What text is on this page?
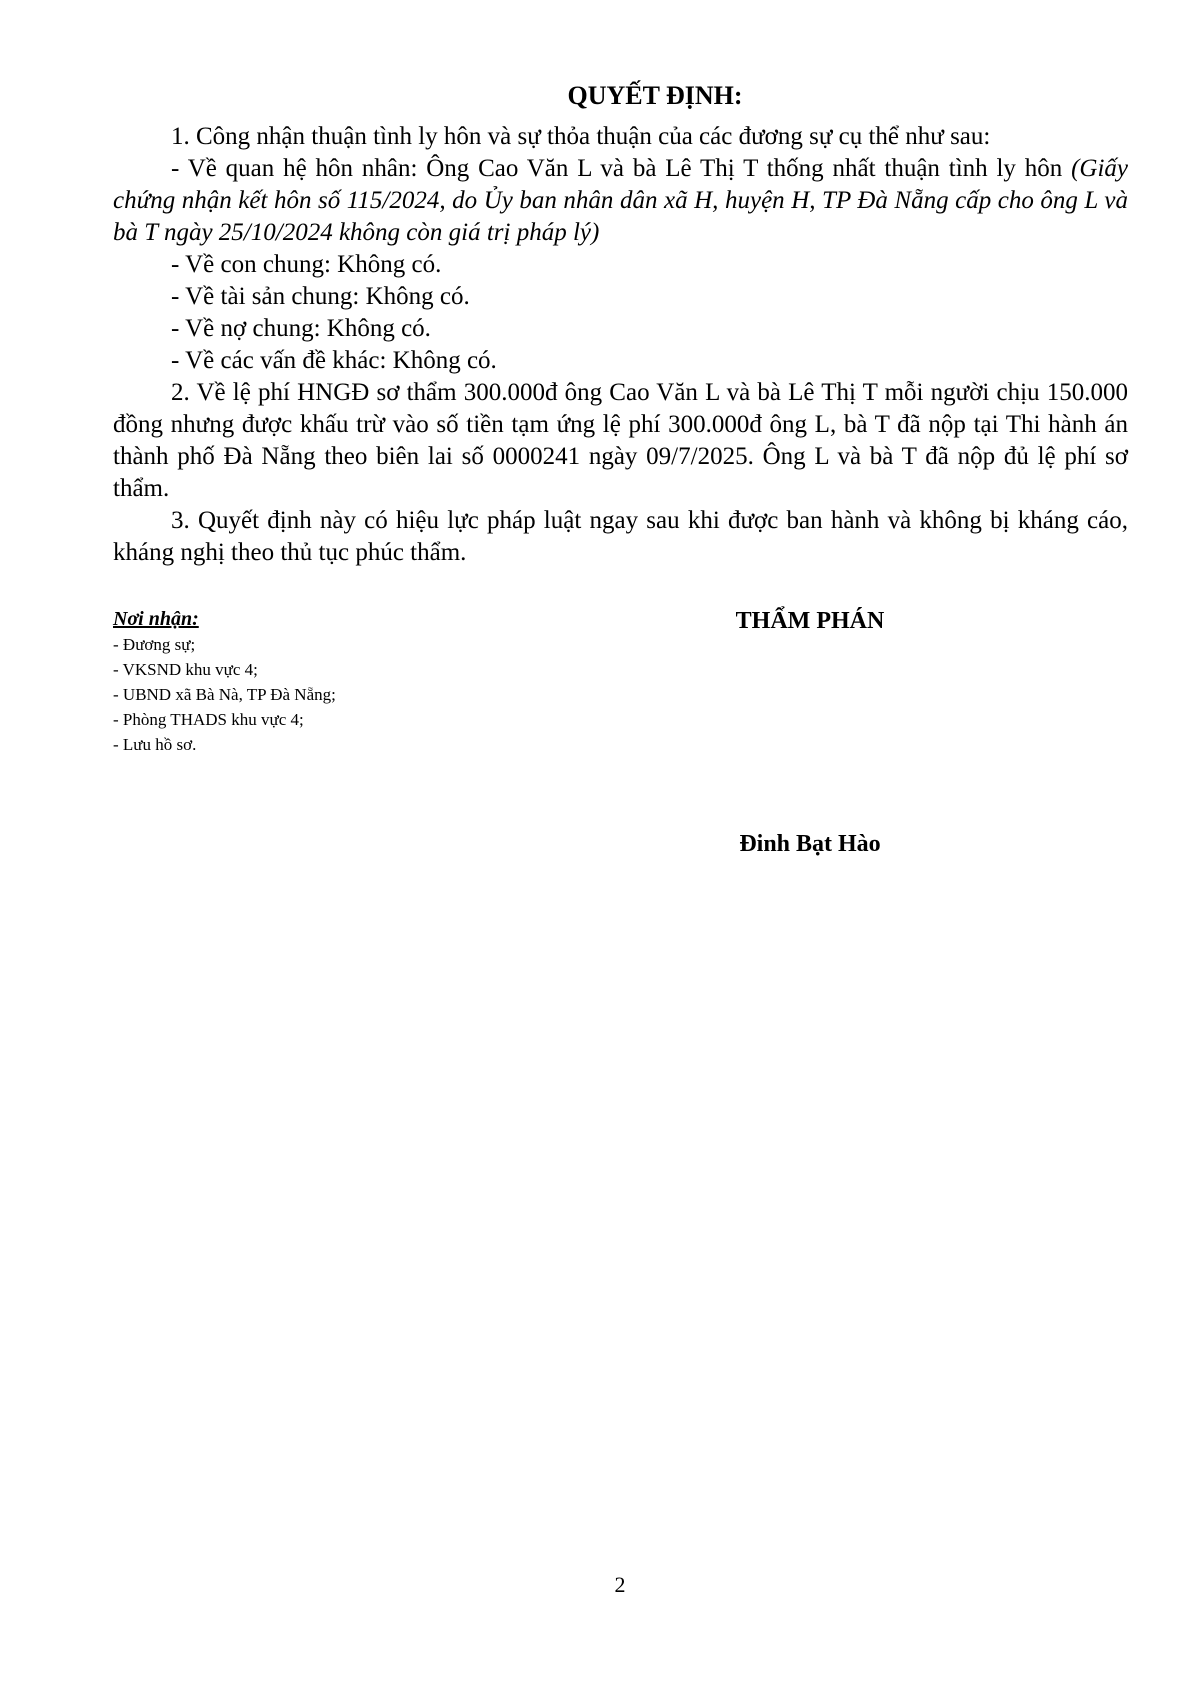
QUYẾT ĐỊNH:

1. Công nhận thuận tình ly hôn và sự thỏa thuận của các đương sự cụ thể như sau:

- Về quan hệ hôn nhân: Ông Cao Văn L và bà Lê Thị T thống nhất thuận tình ly hôn (Giấy chứng nhận kết hôn số 115/2024, do Ủy ban nhân dân xã H, huyện H, TP Đà Nẵng cấp cho ông L và bà T ngày 25/10/2024 không còn giá trị pháp lý)

- Về con chung: Không có.

- Về tài sản chung: Không có.

- Về nợ chung: Không có.

- Về các vấn đề khác: Không có.

2. Về lệ phí HNGĐ sơ thẩm 300.000đ ông Cao Văn L và bà Lê Thị T mỗi người chịu 150.000 đồng nhưng được khấu trừ vào số tiền tạm ứng lệ phí 300.000đ ông L, bà T đã nộp tại Thi hành án thành phố Đà Nẵng theo biên lai số 0000241 ngày 09/7/2025. Ông L và bà T đã nộp đủ lệ phí sơ thẩm.

3. Quyết định này có hiệu lực pháp luật ngay sau khi được ban hành và không bị kháng cáo, kháng nghị theo thủ tục phúc thẩm.

Nơi nhận:
- Đương sự;
- VKSND khu vực 4;
- UBND xã Bà Nà, TP Đà Nẵng;
- Phòng THADS khu vực 4;
- Lưu hồ sơ.
THẨM PHÁN
Đinh Bạt Hào
2
